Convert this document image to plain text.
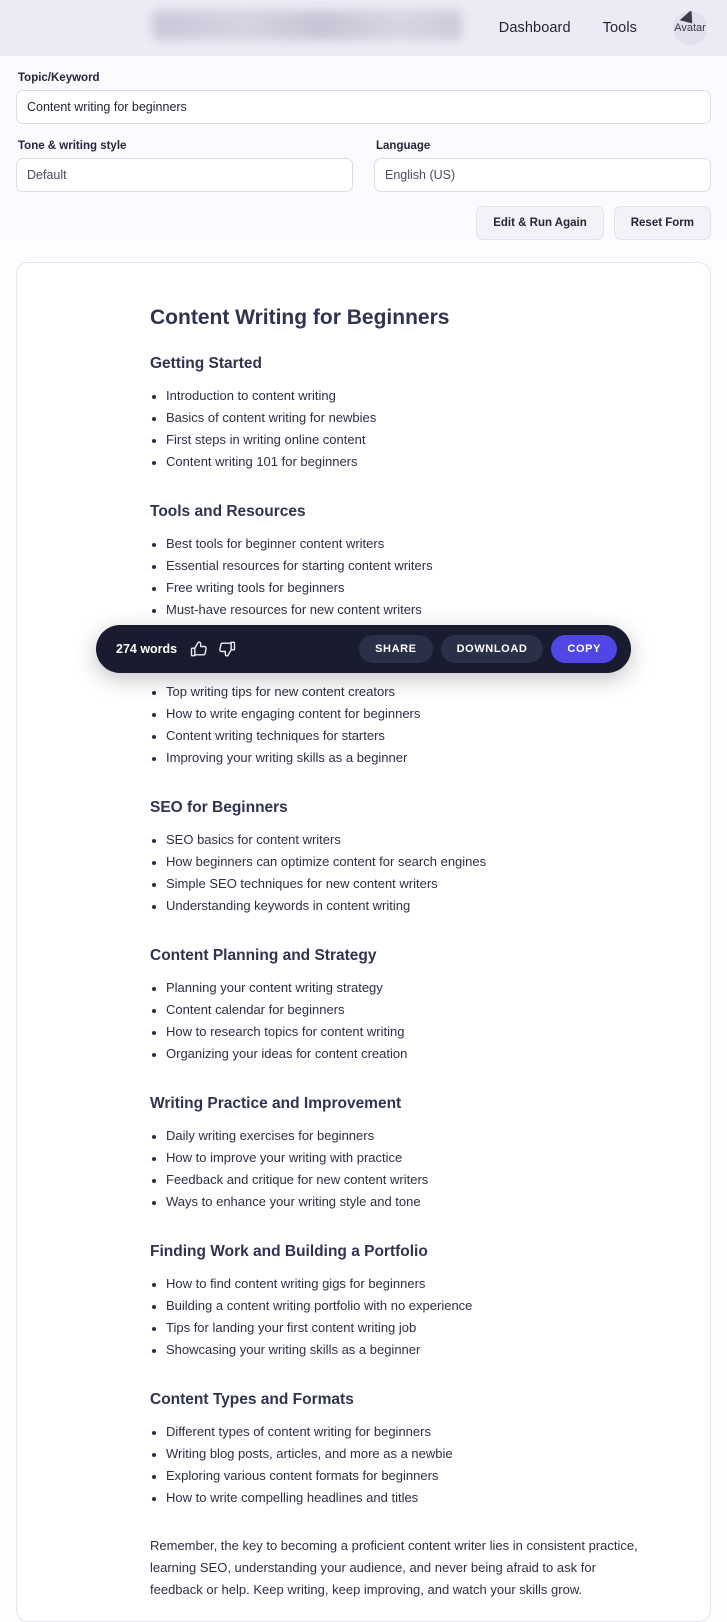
Dashboard Tools	Avatar
Topic/Keyword
Content writing for beginners
Tone & writing style
Default
Language
English (US)
Edit & Run Again	Reset Form
Content Writing for Beginners
Getting Started
• Introduction to content writing
• Basics of content writing for newbies
• First steps in writing online content
• Content writing 101 for beginners
Tools and Resources
• Best tools for beginner content writers
• Essential resources for starting content writers
• Free writing tools for beginners
• Must-have resources for new content writers
• Top writing tips for new content creators
• How to write engaging content for beginners
• Content writing techniques for starters
• Improving your writing skills as a beginner
SEO for Beginners
• SEO basics for content writers
• How beginners can optimize content for search engines
• Simple SEO techniques for new content writers
• Understanding keywords in content writing
Content Planning and Strategy
• Planning your content writing strategy
• Content calendar for beginners
• How to research topics for content writing
• Organizing your ideas for content creation
Writing Practice and Improvement
• Daily writing exercises for beginners
• How to improve your writing with practice
• Feedback and critique for new content writers
• Ways to enhance your writing style and tone
Finding Work and Building a Portfolio
• How to find content writing gigs for beginners
• Building a content writing portfolio with no experience
• Tips for landing your first content writing job
• Showcasing your writing skills as a beginner
Content Types and Formats
• Different types of content writing for beginners
• Writing blog posts, articles, and more as a newbie
• Exploring various content formats for beginners
• How to write compelling headlines and titles

Remember, the key to becoming a proficient content writer lies in consistent practice, learning SEO, understanding your audience, and never being afraid to ask for feedback or help. Keep writing, keep improving, and watch your skills grow.

274 words	SHARE	DOWNLOAD	COPY
